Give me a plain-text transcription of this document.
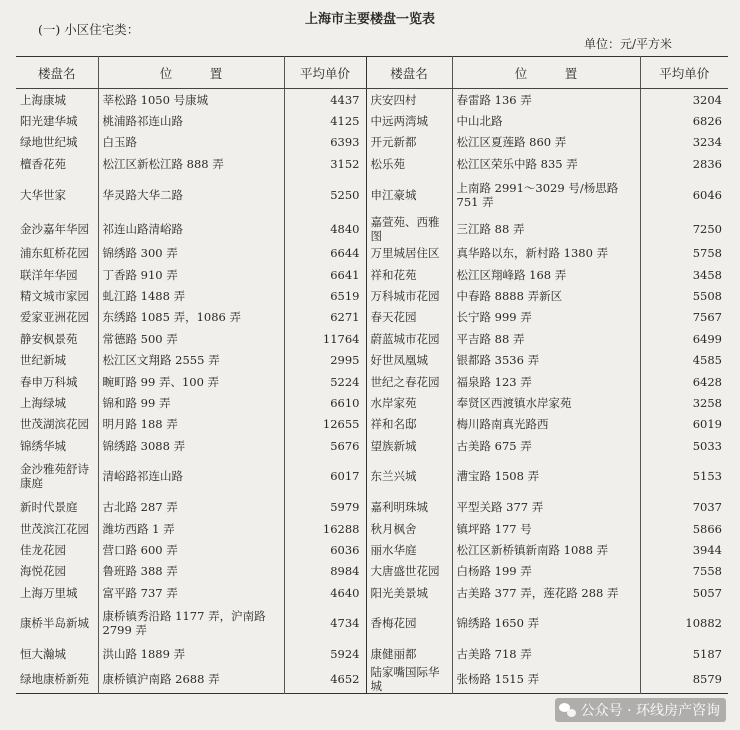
上海市主要楼盘一览表
(一) 小区住宅类：
单位：元/平方米
楼盘名	位　　　置	平均单价	楼盘名	位　　　置	平均单价
上海康城	莘松路 1050 号康城	4437	庆安四村	春雷路 136 弄	3204
阳光建华城	桃浦路祁连山路	4125	中远两湾城	中山北路	6826
绿地世纪城	白玉路	6393	开元新都	松江区夏莲路 860 弄	3234
檀香花苑	松江区新松江路 888 弄	3152	松乐苑	松江区荣乐中路 835 弄	2836
大华世家	华灵路大华二路	5250	申江豪城	上南路 2991～3029 号/杨思路 751 弄	6046
金沙嘉年华园	祁连山路清峪路	4840	嘉萱苑、西雅图	三江路 88 弄	7250
浦东虹桥花园	锦绣路 300 弄	6644	万里城居住区	真华路以东，新村路 1380 弄	5758
联洋年华园	丁香路 910 弄	6641	祥和花苑	松江区翔峰路 168 弄	3458
精文城市家园	虬江路 1488 弄	6519	万科城市花园	中春路 8888 弄新区	5508
爱家亚洲花园	东绣路 1085 弄，1086 弄	6271	春天花园	长宁路 999 弄	7567
静安枫景苑	常德路 500 弄	11764	蔚蓝城市花园	平吉路 88 弄	6499
世纪新城	松江区文翔路 2555 弄	2995	好世凤凰城	银都路 3536 弄	4585
春申万科城	畹町路 99 弄、100 弄	5224	世纪之春花园	福泉路 123 弄	6428
上海绿城	锦和路 99 弄	6610	水岸家苑	奉贤区西渡镇水岸家苑	3258
世茂湖滨花园	明月路 188 弄	12655	祥和名邸	梅川路南真光路西	6019
锦绣华城	锦绣路 3088 弄	5676	望族新城	古美路 675 弄	5033
金沙雅苑舒诗康庭	清峪路祁连山路	6017	东兰兴城	漕宝路 1508 弄	5153
新时代景庭	古北路 287 弄	5979	嘉利明珠城	平型关路 377 弄	7037
世茂滨江花园	潍坊西路 1 弄	16288	秋月枫舍	镇坪路 177 号	5866
佳龙花园	营口路 600 弄	6036	丽水华庭	松江区新桥镇新南路 1088 弄	3944
海悦花园	鲁班路 388 弄	8984	大唐盛世花园	白杨路 199 弄	7558
上海万里城	富平路 737 弄	4640	阳光美景城	古美路 377 弄，莲花路 288 弄	5057
康桥半岛新城	康桥镇秀沿路 1177 弄，沪南路 2799 弄	4734	香梅花园	锦绣路 1650 弄	10882
恒大瀚城	洪山路 1889 弄	5924	康健丽都	古美路 718 弄	5187
绿地康桥新苑	康桥镇沪南路 2688 弄	4652	陆家嘴国际华城	张杨路 1515 弄	8579
公众号 · 环线房产咨询
